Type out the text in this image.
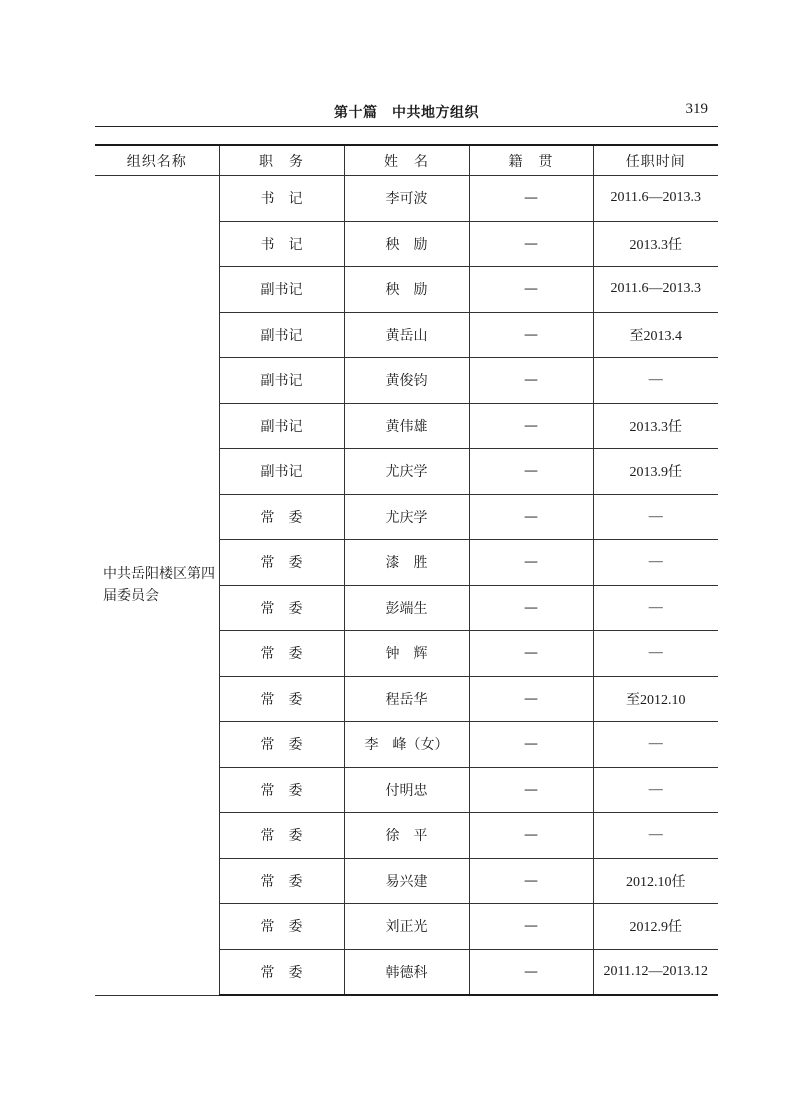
第十篇　中共地方组织	319
组织名称	职　务	姓　名	籍　贯	任职时间
中共岳阳楼区第四届委员会	书　记	李可波	—	2011.6—2013.3
	书　记	秧　励	—	2013.3任
	副书记	秧　励	—	2011.6—2013.3
	副书记	黄岳山	—	至2013.4
	副书记	黄俊钧	—	—
	副书记	黄伟雄	—	2013.3任
	副书记	尤庆学	—	2013.9任
	常　委	尤庆学	—	—
	常　委	漆　胜	—	—
	常　委	彭端生	—	—
	常　委	钟　辉	—	—
	常　委	程岳华	—	至2012.10
	常　委	李　峰（女）	—	—
	常　委	付明忠	—	—
	常　委	徐　平	—	—
	常　委	易兴建	—	2012.10任
	常　委	刘正光	—	2012.9任
	常　委	韩德科	—	2011.12—2013.12
